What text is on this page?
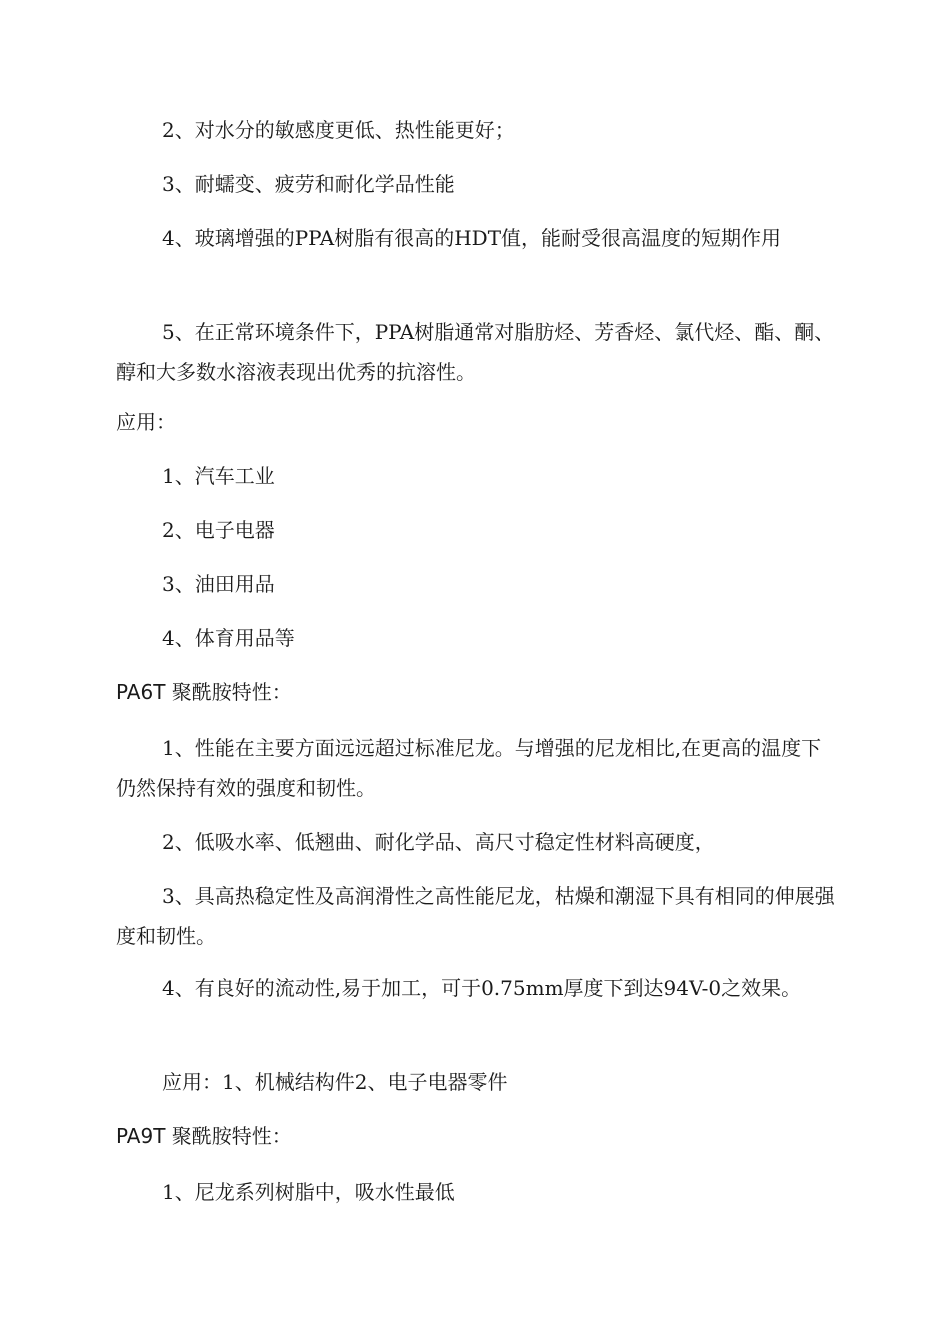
2、对水分的敏感度更低、热性能更好；
3、耐蠕变、疲劳和耐化学品性能
4、玻璃增强的PPA树脂有很高的HDT值，能耐受很高温度的短期作用
5、在正常环境条件下，PPA树脂通常对脂肪烃、芳香烃、氯代烃、酯、酮、醇和大多数水溶液表现出优秀的抗溶性。
应用：
1、汽车工业
2、电子电器
3、油田用品
4、体育用品等
PA6T 聚酰胺特性：
1、性能在主要方面远远超过标准尼龙。与增强的尼龙相比,在更高的温度下仍然保持有效的强度和韧性。
2、低吸水率、低翘曲、耐化学品、高尺寸稳定性材料高硬度，
3、具高热稳定性及高润滑性之高性能尼龙，枯燥和潮湿下具有相同的伸展强度和韧性。
4、有良好的流动性,易于加工，可于0.75mm厚度下到达94V-0之效果。
应用：1、机械结构件2、电子电器零件
PA9T 聚酰胺特性：
1、尼龙系列树脂中，吸水性最低
